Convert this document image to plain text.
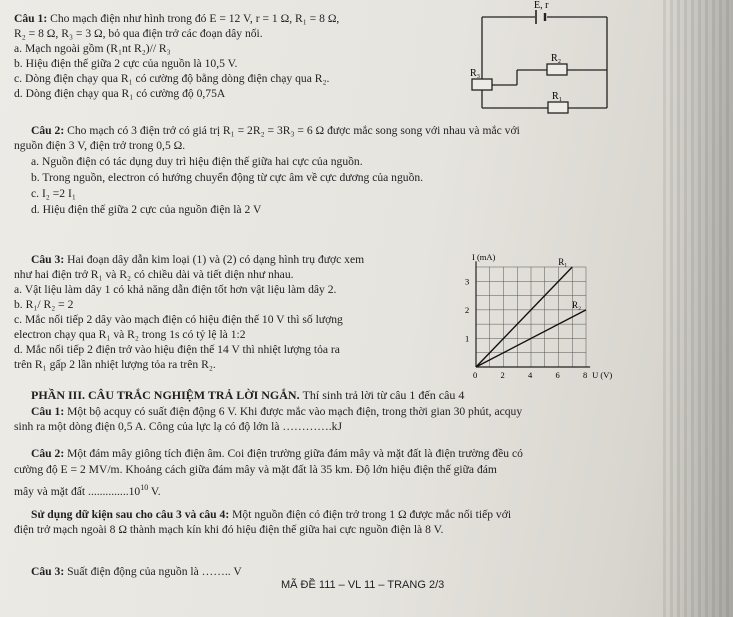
Câu 1: Cho mạch điện như hình trong đó E = 12 V, r = 1 Ω, R₁ = 8 Ω,
R₂ = 8 Ω, R₃ = 3 Ω, bỏ qua điện trở các đoạn dây nối.
a. Mạch ngoài gồm (R₁nt R₂)// R₃
b. Hiệu điện thế giữa 2 cực của nguồn là 10,5 V.
c. Dòng điện chạy qua R₁ có cường độ bằng dòng điện chạy qua R₂.
d. Dòng điện chạy qua R₁ có cường độ 0,75A
E, r
R₂
R₃
R₁
Câu 2: Cho mạch có 3 điện trở có giá trị R₁ = 2R₂ = 3R₃ = 6 Ω được mắc song song với nhau và mắc với
nguồn điện 3 V, điện trở trong 0,5 Ω.
a. Nguồn điện có tác dụng duy trì hiệu điện thế giữa hai cực của nguồn.
b. Trong nguồn, electron có hướng chuyển động từ cực âm về cực dương của nguồn.
c. I₂ =2 I₁
d. Hiệu điện thế giữa 2 cực của nguồn điện là 2 V
Câu 3: Hai đoạn dây dẫn kim loại (1) và (2) có dạng hình trụ được xem
như hai điện trở R₁ và R₂ có chiều dài và tiết diện như nhau.
a. Vật liệu làm dây 1 có khả năng dẫn điện tốt hơn vật liệu làm dây 2.
b. R₁/ R₂ = 2
c. Mắc nối tiếp 2 dây vào mạch điện có hiệu điện thế 10 V thì số lượng
electron chạy qua R₁ và R₂ trong 1s có tỷ lệ là 1:2
d. Mắc nối tiếp 2 điện trở vào hiệu điện thế 14 V thì nhiệt lượng tỏa ra
trên R₁ gấp 2 lần nhiệt lượng tỏa ra trên R₂.
R₁
R₂
0	2	4	6	8
1
2
3
I (mA)
U (V)
PHẦN III. CÂU TRẮC NGHIỆM TRẢ LỜI NGẮN. Thí sinh trả lời từ câu 1 đến câu 4
Câu 1: Một bộ acquy có suất điện động 6 V. Khi được mắc vào mạch điện, trong thời gian 30 phút, acquy
sinh ra một dòng điện 0,5 A. Công của lực lạ có độ lớn là ………….kJ
Câu 2: Một đám mây giông tích điện âm. Coi điện trường giữa đám mây và mặt đất là điện trường đều có
cường độ E = 2 MV/m. Khoảng cách giữa đám mây và mặt đất là 35 km. Độ lớn hiệu điện thế giữa đám
mây và mặt đất ..............10$^{10}$ V.
Sử dụng dữ kiện sau cho câu 3 và câu 4: Một nguồn điện có điện trở trong 1 Ω được mắc nối tiếp với
điện trở mạch ngoài 8 Ω thành mạch kín khi đó hiệu điện thế giữa hai cực nguồn điện là 8 V.
Câu 3: Suất điện động của nguồn là …….. V
MÃ ĐỀ 111 – VL 11 – TRANG 2/3
